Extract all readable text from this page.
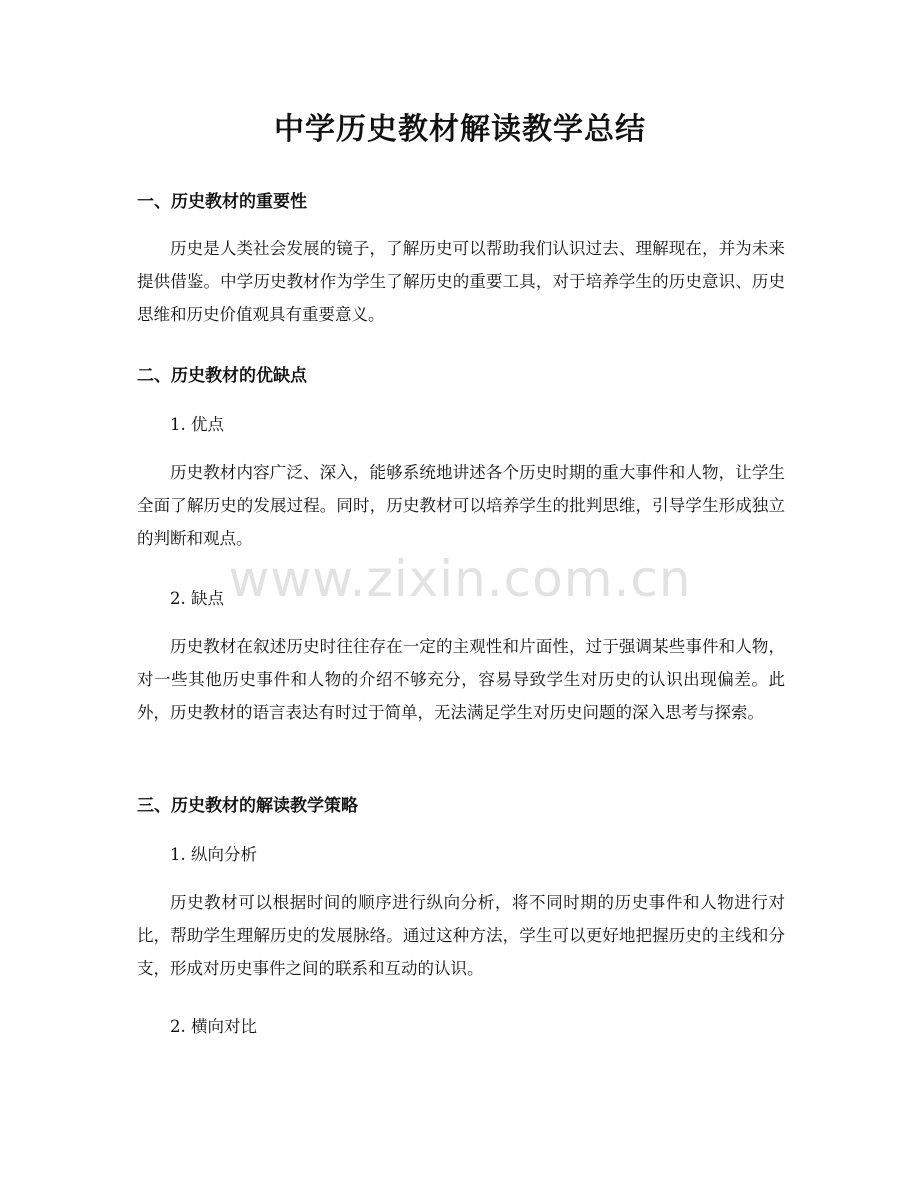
中学历史教材解读教学总结
一、历史教材的重要性

历史是人类社会发展的镜子，了解历史可以帮助我们认识过去、理解现在，并为未来提供借鉴。中学历史教材作为学生了解历史的重要工具，对于培养学生的历史意识、历史思维和历史价值观具有重要意义。

二、历史教材的优缺点
1. 优点

历史教材内容广泛、深入，能够系统地讲述各个历史时期的重大事件和人物，让学生全面了解历史的发展过程。同时，历史教材可以培养学生的批判思维，引导学生形成独立的判断和观点。

2. 缺点

历史教材在叙述历史时往往存在一定的主观性和片面性，过于强调某些事件和人物，对一些其他历史事件和人物的介绍不够充分，容易导致学生对历史的认识出现偏差。此外，历史教材的语言表达有时过于简单，无法满足学生对历史问题的深入思考与探索。

三、历史教材的解读教学策略
1. 纵向分析

历史教材可以根据时间的顺序进行纵向分析，将不同时期的历史事件和人物进行对比，帮助学生理解历史的发展脉络。通过这种方法，学生可以更好地把握历史的主线和分支，形成对历史事件之间的联系和互动的认识。

2. 横向对比
www.zixin.com.cn
